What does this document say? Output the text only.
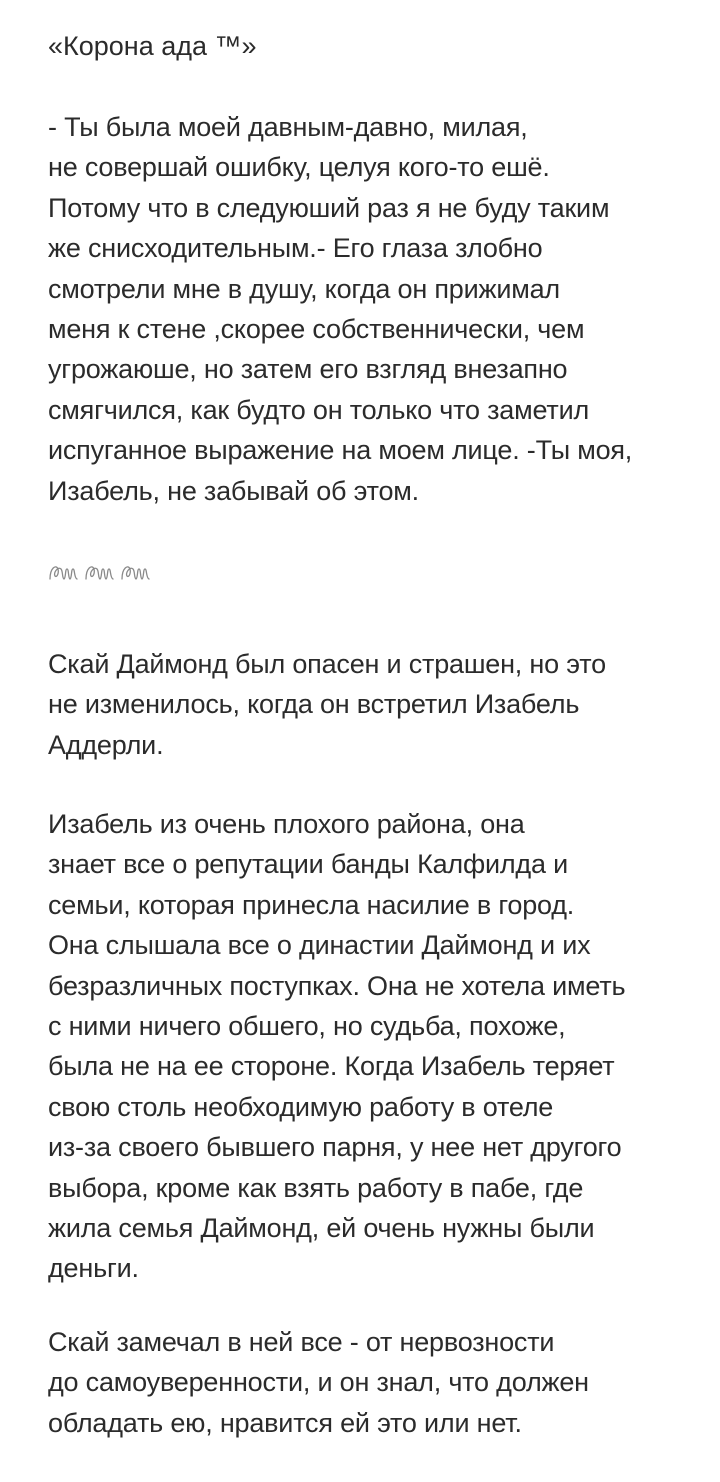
«Корона ада ™»
- Ты была моей давным-давно, милая,
не совершай ошибку, целуя кого-то ешё.
Потому что в следуюший раз я не буду таким
же снисходительным.- Его глаза злобно
смотрели мне в душу, когда он прижимал
меня к стене ,скорее собственнически, чем
угрожаюше, но затем его взгляд внезапно
смягчился, как будто он только что заметил
испуганное выражение на моем лице. -Ты моя,
Изабель, не забывай об этом.
Скай Даймонд был опасен и страшен, но это
не изменилось, когда он встретил Изабель
Аддерли.
Изабель из очень плохого района, она
знает все о репутации банды Калфилда и
семьи, которая принесла насилие в город.
Она слышала все о династии Даймонд и их
безразличных поступках. Она не хотела иметь
с ними ничего обшего, но судьба, похоже,
была не на ее стороне. Когда Изабель теряет
свою столь необходимую работу в отеле
из-за своего бывшего парня, у нее нет другого
выбора, кроме как взять работу в пабе, где
жила семья Даймонд, ей очень нужны были
деньги.
Скай замечал в ней все - от нервозности
до самоуверенности, и он знал, что должен
обладать ею, нравится ей это или нет.
